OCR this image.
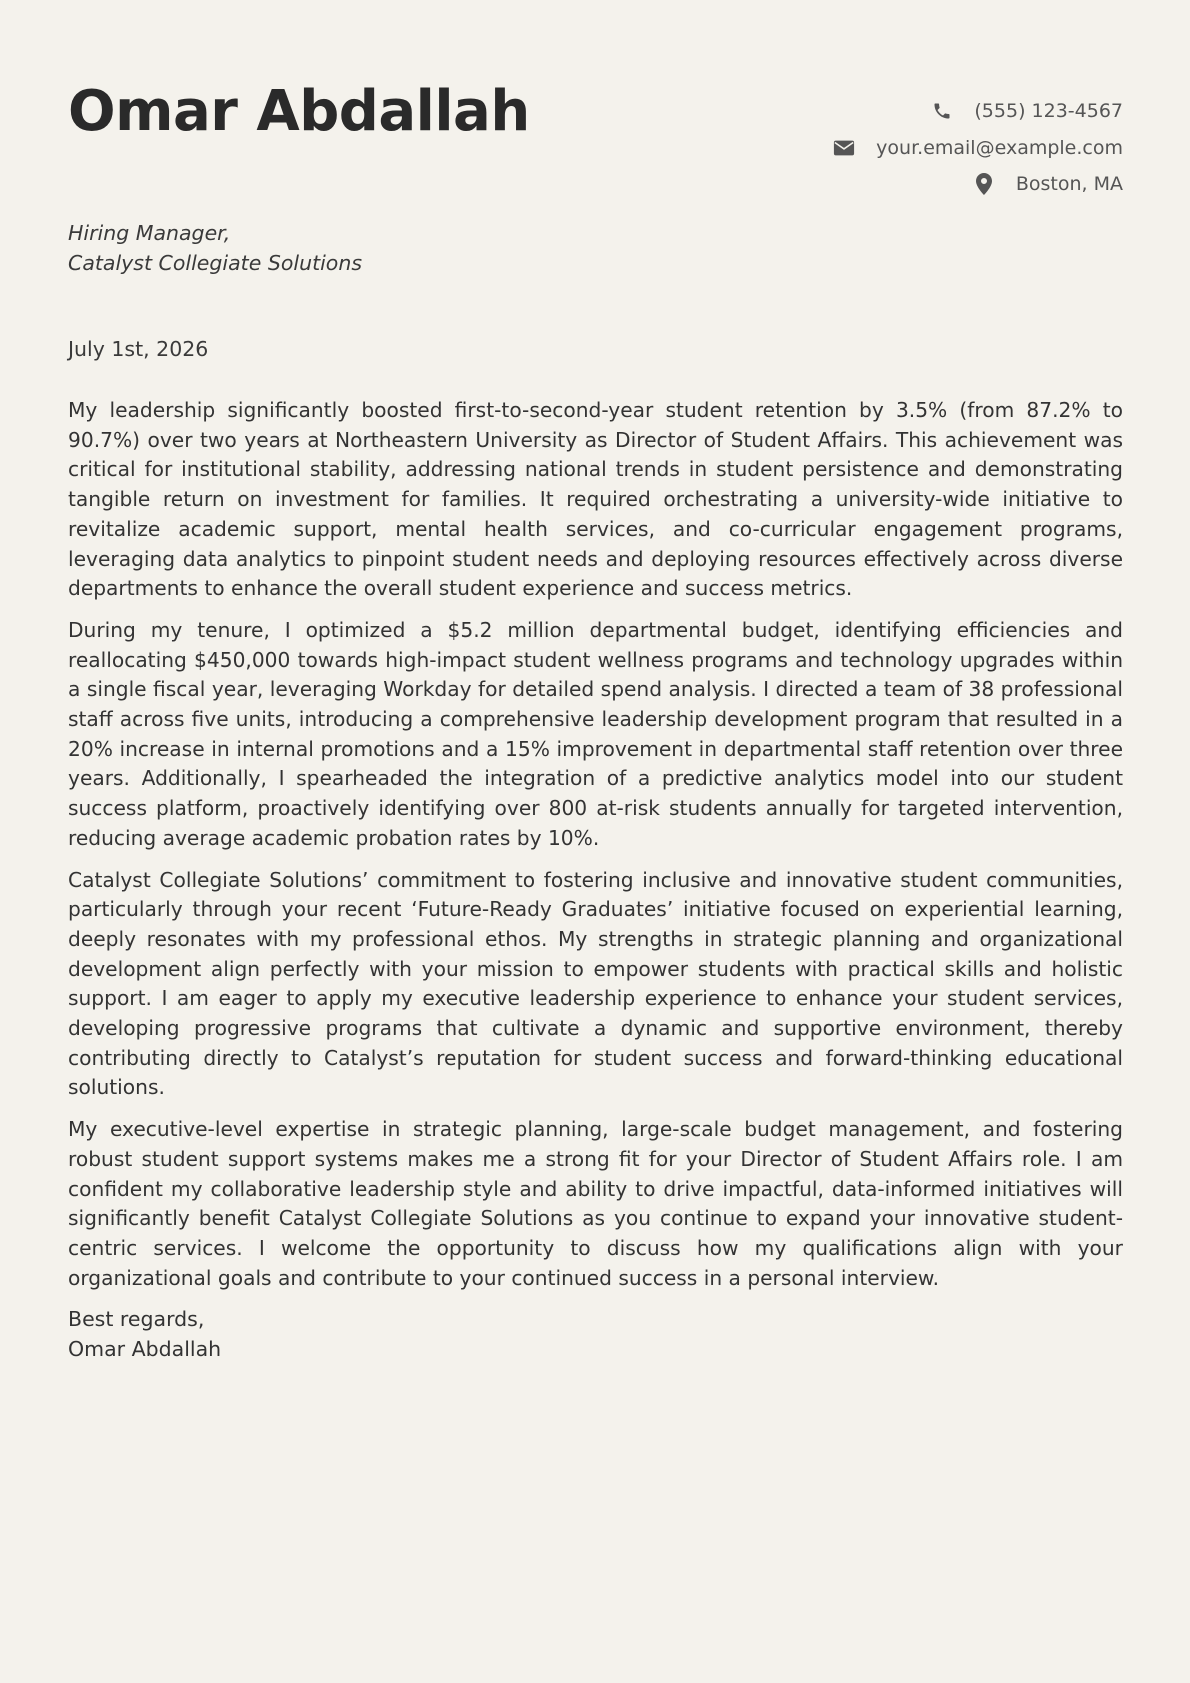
Omar Abdallah	(555) 123-4567
your.email@example.com
Boston, MA
Hiring Manager,
Catalyst Collegiate Solutions
July 1st, 2026

My leadership significantly boosted first-to-second-year student retention by 3.5% (from 87.2% to 90.7%) over two years at Northeastern University as Director of Student Affairs. This achievement was critical for institutional stability, addressing national trends in student persistence and demonstrating tangible return on investment for families. It required orchestrating a university-wide initiative to revitalize academic support, mental health services, and co-curricular engagement programs, leveraging data analytics to pinpoint student needs and deploying resources effectively across diverse departments to enhance the overall student experience and success metrics.

During my tenure, I optimized a $5.2 million departmental budget, identifying efficiencies and reallocating $450,000 towards high-impact student wellness programs and technology upgrades within a single fiscal year, leveraging Workday for detailed spend analysis. I directed a team of 38 professional staff across five units, introducing a comprehensive leadership development program that resulted in a 20% increase in internal promotions and a 15% improvement in departmental staff retention over three years. Additionally, I spearheaded the integration of a predictive analytics model into our student success platform, proactively identifying over 800 at-risk students annually for targeted intervention, reducing average academic probation rates by 10%.

Catalyst Collegiate Solutions’ commitment to fostering inclusive and innovative student communities, particularly through your recent ‘Future-Ready Graduates’ initiative focused on experiential learning, deeply resonates with my professional ethos. My strengths in strategic planning and organizational development align perfectly with your mission to empower students with practical skills and holistic support. I am eager to apply my executive leadership experience to enhance your student services, developing progressive programs that cultivate a dynamic and supportive environment, thereby contributing directly to Catalyst’s reputation for student success and forward-thinking educational solutions.

My executive-level expertise in strategic planning, large-scale budget management, and fostering robust student support systems makes me a strong fit for your Director of Student Affairs role. I am confident my collaborative leadership style and ability to drive impactful, data-informed initiatives will significantly benefit Catalyst Collegiate Solutions as you continue to expand your innovative student-centric services. I welcome the opportunity to discuss how my qualifications align with your organizational goals and contribute to your continued success in a personal interview.

Best regards,
Omar Abdallah
